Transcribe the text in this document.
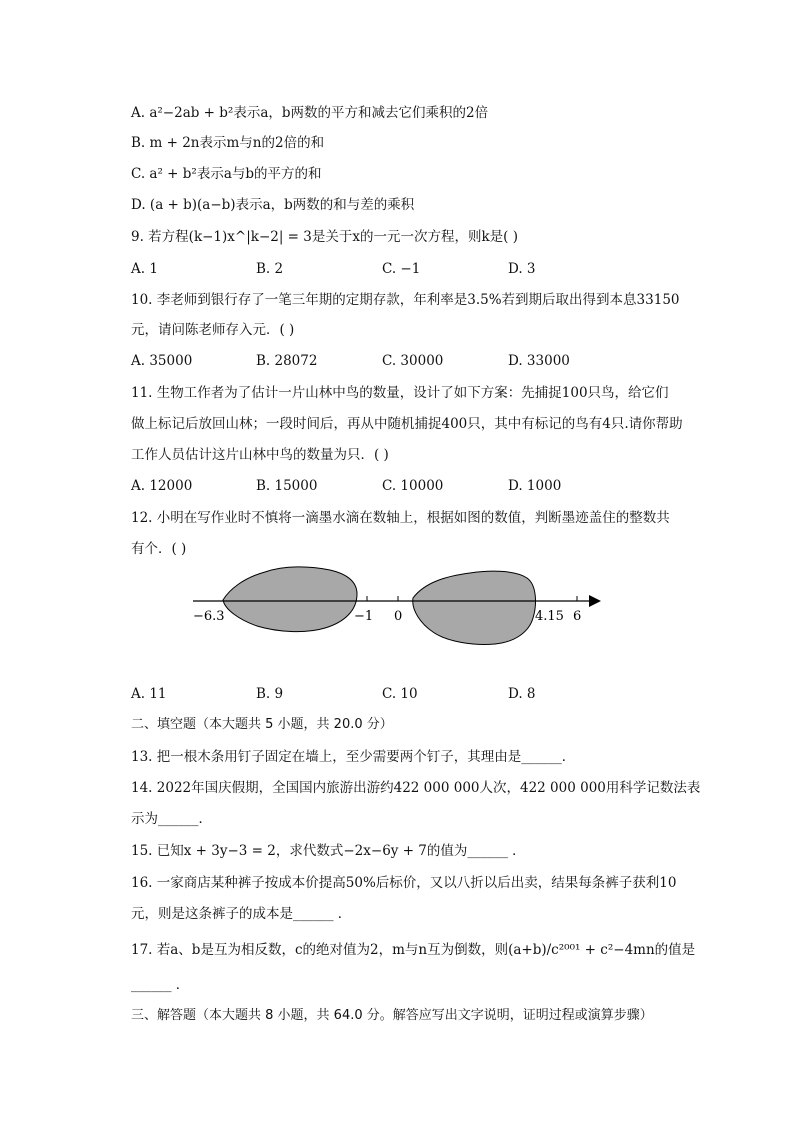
A. a²−2ab + b²表示a，b两数的平方和减去它们乘积的2倍
B. m + 2n表示m与n的2倍的和
C. a² + b²表示a与b的平方的和
D. (a + b)(a−b)表示a，b两数的和与差的乘积
9. 若方程(k−1)x^|k−2| = 3是关于x的一元一次方程，则k是( )
A. 1	B. 2	C. −1	D. 3
10. 李老师到银行存了一笔三年期的定期存款，年利率是3.5%若到期后取出得到本息33150
元，请问陈老师存入元．( )
A. 35000	B. 28072	C. 30000	D. 33000
11. 生物工作者为了估计一片山林中鸟的数量，设计了如下方案：先捕捉100只鸟，给它们
做上标记后放回山林；一段时间后，再从中随机捕捉400只，其中有标记的鸟有4只.请你帮助
工作人员估计这片山林中鸟的数量为只．( )
A. 12000	B. 15000	C. 10000	D. 1000
12. 小明在写作业时不慎将一滴墨水滴在数轴上，根据如图的数值，判断墨迹盖住的整数共
有个．( )
−6.3	−1 0	4.15 6
A. 11	B. 9	C. 10	D. 8
二、填空题（本大题共 5 小题，共 20.0 分）
13. 把一根木条用钉子固定在墙上，至少需要两个钉子，其理由是______．
14. 2022年国庆假期，全国国内旅游出游约422 000 000人次，422 000 000用科学记数法表
示为______．
15. 已知x + 3y−3 = 2，求代数式−2x−6y + 7的值为______ ．
16. 一家商店某种裤子按成本价提高50%后标价，又以八折以后出卖，结果每条裤子获利10
元，则是这条裤子的成本是______ ．
17. 若a、b是互为相反数，c的绝对值为2，m与n互为倒数，则(a+b)/c²⁰⁰¹ + c²−4mn的值是
______ ．
三、解答题（本大题共 8 小题，共 64.0 分。解答应写出文字说明，证明过程或演算步骤）
